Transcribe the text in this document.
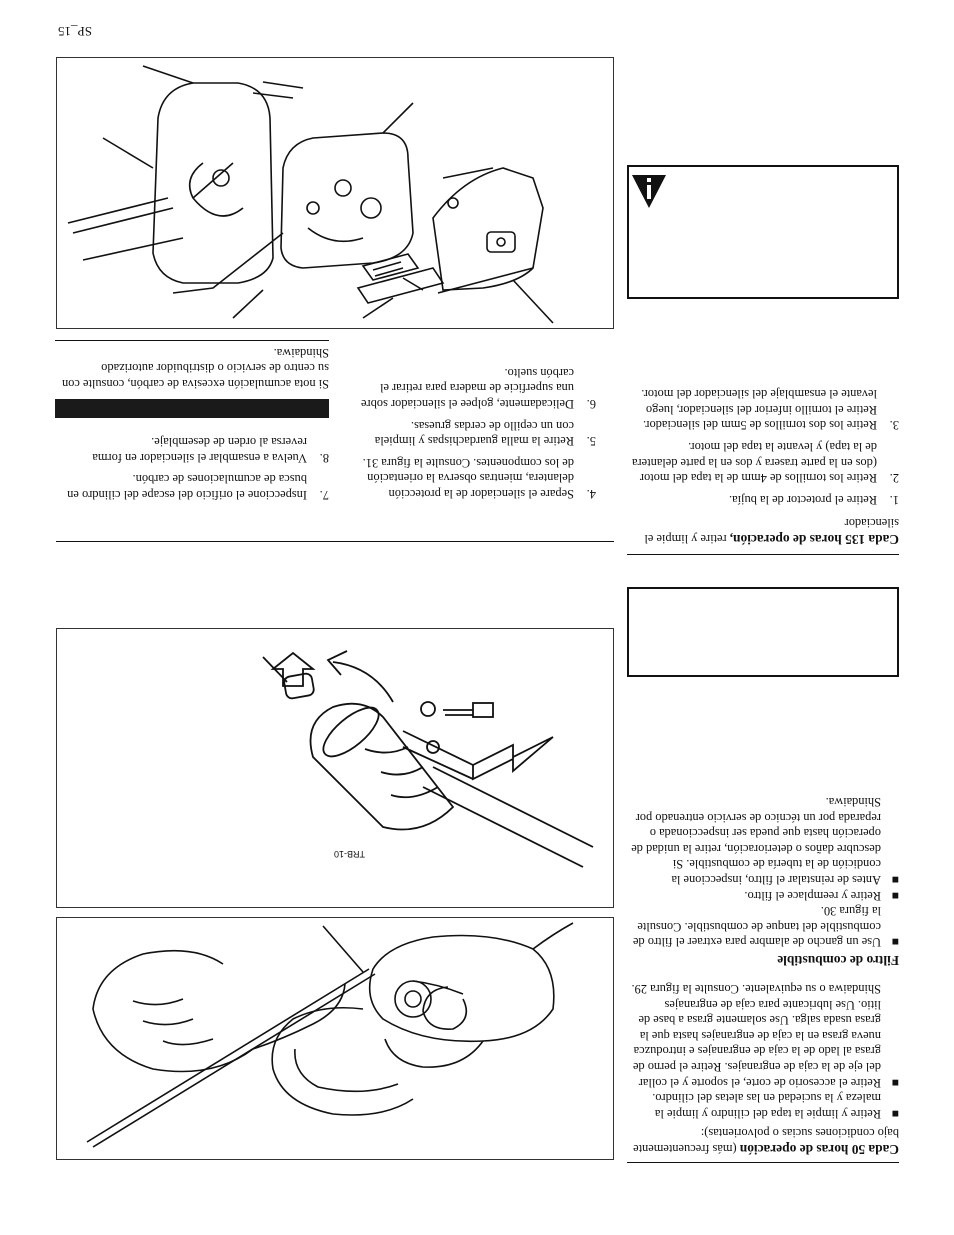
Cada 50 horas de operación (más frecuentemente bajo condiciones sucias o polvorientas):

■ Retire y limpie la tapa del cilindro y limpie la maleza y la suciedad en las aletas del cilindro.
■ Retire el accesorio de corte, el soporte y el collar del eje de la caja de engranajes. Retire el perno de grasa al lado de la caja de engranajes e introduzca nueva grasa en la caja de engranajes hasta que la grasa usada salga. Use solamente grasa a base de litio. Use lubricante para caja de engranajes Shindaiwa o su equivalente. Consulte la figura 29.

Filtro de combustible

■ Use un gancho de alambre para extraer el filtro de combustible del tanque de combustible. Consulte la figura 30.
■ Retire y reemplace el filtro.
■ Antes de reinstalar el filtro, inspeccione la condición de la tubería de combustible. Si descubre daños o deterioración, retire la unidad de operación hasta que pueda ser inspeccionada o reparada por un técnico de servicio entrenado por Shindaiwa.

Cada 135 horas de operación, retire y limpie el silenciador

1.
Retire el protector de la bujía.
2.
Retire los tornillos de 4mm de la tapa del motor (dos en la parte trasera y dos en la parte delantera de la tapa) y levante la tapa del motor.
3.
Retire los dos tornillos de 5mm del silenciador. Retire el tornillo inferior del silenciador, luego levante el ensamblaje del silenciador del motor.
4.
Separe el silenciador de la protección delantera, mientras observa la orientación de los componentes. Consulte la figura 31.
5.
Retire la malla guardachispas y limpiela con un cepillo de cerdas gruesas.
6.
Delicadamente, golpee el silenciador sobre una superficie de madera para retirar el carbón suelto.
7.
Inspeccione el orificio del escape del cilindro en busca de acumulaciones de carbón.
8.
Vuelva a ensamblar el silenciador en forma reversa al orden de desemblaje.
Si nota acumulación excesiva de carbón, consulte con su centro de servicio o distribuidor autorizado Shindaiwa.
TRB-10
SP_15
